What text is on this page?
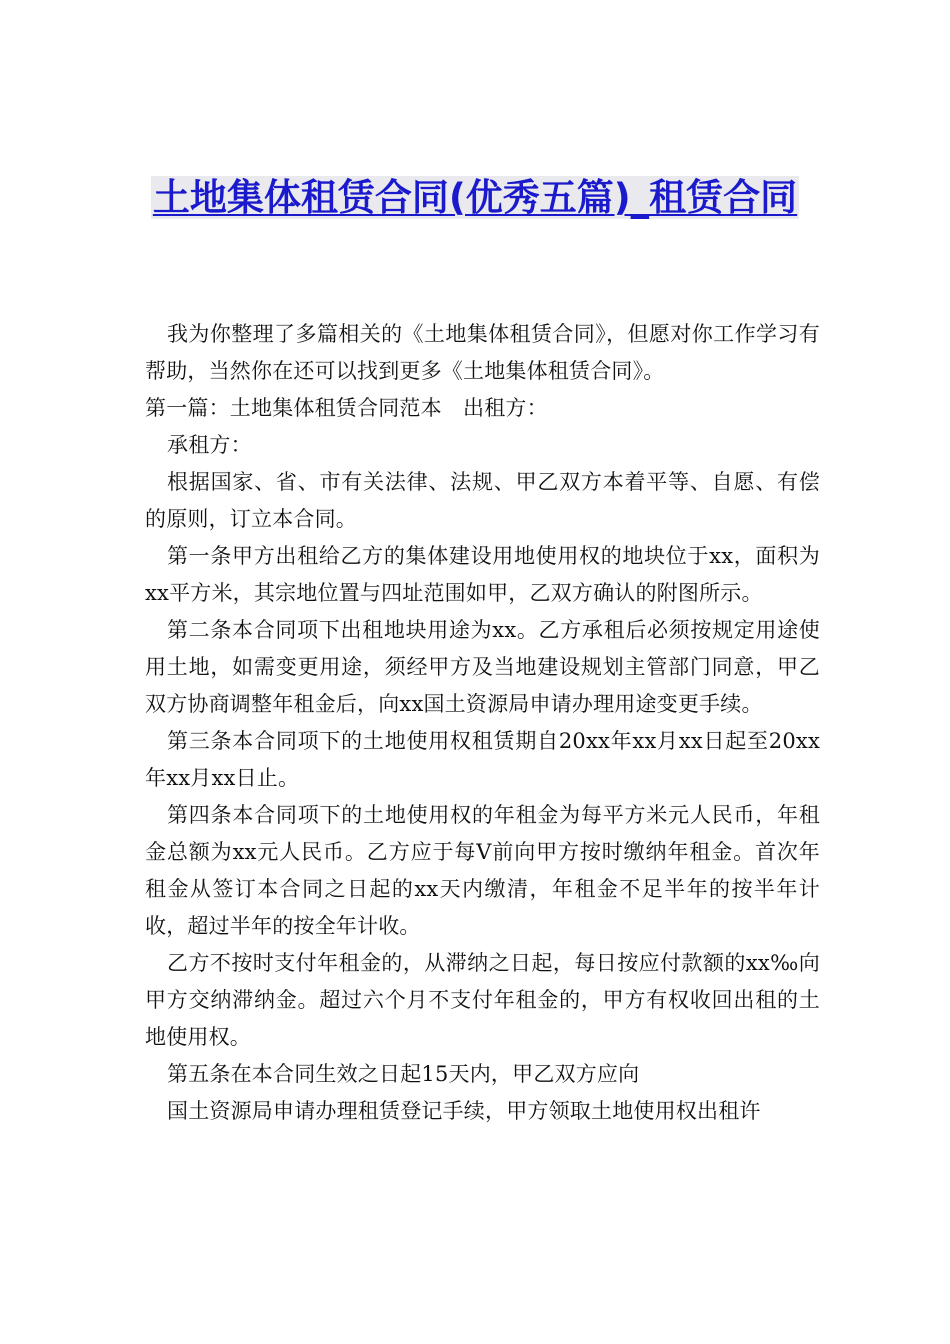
土地集体租赁合同(优秀五篇)_租赁合同

我为你整理了多篇相关的《土地集体租赁合同》，但愿对你工作学习有帮助，当然你在还可以找到更多《土地集体租赁合同》。

第一篇：土地集体租赁合同范本　出租方：

承租方：

根据国家、省、市有关法律、法规、甲乙双方本着平等、自愿、有偿的原则，订立本合同。

第一条甲方出租给乙方的集体建设用地使用权的地块位于xx，面积为xx平方米，其宗地位置与四址范围如甲，乙双方确认的附图所示。

第二条本合同项下出租地块用途为xx。乙方承租后必须按规定用途使用土地，如需变更用途，须经甲方及当地建设规划主管部门同意，甲乙双方协商调整年租金后，向xx国土资源局申请办理用途变更手续。

第三条本合同项下的土地使用权租赁期自20xx年xx月xx日起至20xx年xx月xx日止。

第四条本合同项下的土地使用权的年租金为每平方米元人民币，年租金总额为xx元人民币。乙方应于每V前向甲方按时缴纳年租金。首次年租金从签订本合同之日起的xx天内缴清，年租金不足半年的按半年计收，超过半年的按全年计收。

乙方不按时支付年租金的，从滞纳之日起，每日按应付款额的xx‰向甲方交纳滞纳金。超过六个月不支付年租金的，甲方有权收回出租的土地使用权。

第五条在本合同生效之日起15天内，甲乙双方应向

国土资源局申请办理租赁登记手续，甲方领取土地使用权出租许
